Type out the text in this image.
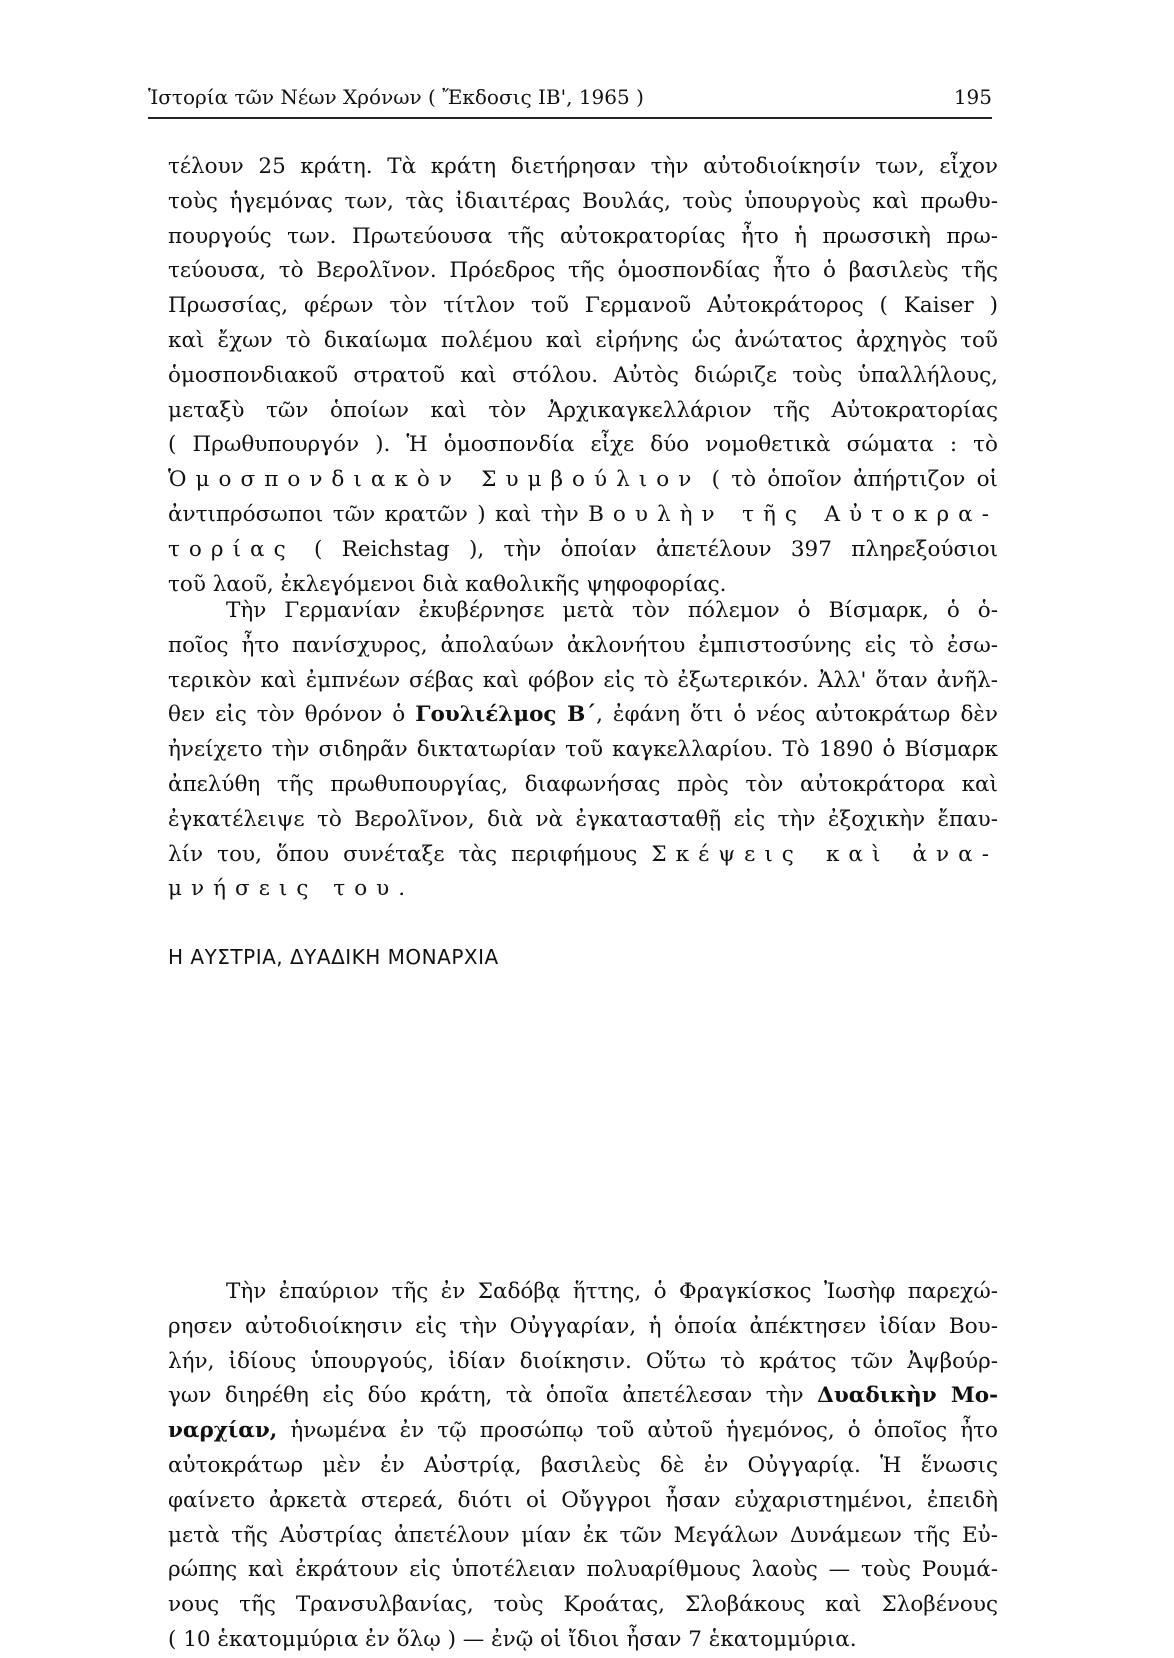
Ἱστορία τῶν Νέων Χρόνων ( Ἔκδοσις ΙΒ', 1965 )	195
τέλουν 25 κράτη. Τὰ κράτη διετήρησαν τὴν αὐτοδιοίκησίν των, εἶχον
τοὺς ἡγεμόνας των, τὰς ἰδιαιτέρας Βουλάς, τοὺς ὑπουργοὺς καὶ πρωθυ-
πουργούς των. Πρωτεύουσα τῆς αὐτοκρατορίας ἦτο ἡ πρωσσικὴ πρω-
τεύουσα, τὸ Βερολῖνον. Πρόεδρος τῆς ὁμοσπονδίας ἦτο ὁ βασιλεὺς τῆς
Πρωσσίας, φέρων τὸν τίτλον τοῦ Γερμανοῦ Αὐτοκράτορος ( Kaiser )
καὶ ἔχων τὸ δικαίωμα πολέμου καὶ εἰρήνης ὡς ἀνώτατος ἀρχηγὸς τοῦ
ὁμοσπονδιακοῦ στρατοῦ καὶ στόλου. Αὐτὸς διώριζε τοὺς ὑπαλλήλους,
μεταξὺ τῶν ὁποίων καὶ τὸν Ἀρχικαγκελλάριον τῆς Αὐτοκρατορίας
( Πρωθυπουργόν ). Ἡ ὁμοσπονδία εἶχε δύο νομοθετικὰ σώματα : τὸ
Ὁμοσπονδιακὸν Συμβούλιον ( τὸ ὁποῖον ἀπήρτιζον οἱ
ἀντιπρόσωποι τῶν κρατῶν ) καὶ τὴν Βουλὴν τῆς Αὐτοκρα-
τορίας ( Reichstag ), τὴν ὁποίαν ἀπετέλουν 397 πληρεξούσιοι
τοῦ λαοῦ, ἐκλεγόμενοι διὰ καθολικῆς ψηφοφορίας.
Τὴν Γερμανίαν ἐκυβέρνησε μετὰ τὸν πόλεμον ὁ Βίσμαρκ, ὁ ὁ-
ποῖος ἦτο πανίσχυρος, ἀπολαύων ἀκλονήτου ἐμπιστοσύνης εἰς τὸ ἐσω-
τερικὸν καὶ ἐμπνέων σέβας καὶ φόβον εἰς τὸ ἐξωτερικόν. Ἀλλ' ὅταν ἀνῆλ-
θεν εἰς τὸν θρόνον ὁ Γουλιέλμος Β΄, ἐφάνη ὅτι ὁ νέος αὐτοκράτωρ δὲν
ἠνείχετο τὴν σιδηρᾶν δικτατωρίαν τοῦ καγκελλαρίου. Τὸ 1890 ὁ Βίσμαρκ
ἀπελύθη τῆς πρωθυπουργίας, διαφωνήσας πρὸς τὸν αὐτοκράτορα καὶ
ἐγκατέλειψε τὸ Βερολῖνον, διὰ νὰ ἐγκατασταθῇ εἰς τὴν ἐξοχικὴν ἔπαυ-
λίν του, ὅπου συνέταξε τὰς περιφήμους Σκέψεις καὶ ἀνα-
μνήσεις του.
Η ΑΥΣΤΡΙΑ, ΔΥΑΔΙΚΗ ΜΟΝΑΡΧΙΑ
Τὴν ἐπαύριον τῆς ἐν Σαδόβᾳ ἥττης, ὁ Φραγκίσκος Ἰωσὴφ παρεχώ-
ρησεν αὐτοδιοίκησιν εἰς τὴν Οὐγγαρίαν, ἡ ὁποία ἀπέκτησεν ἰδίαν Βου-
λήν, ἰδίους ὑπουργούς, ἰδίαν διοίκησιν. Οὕτω τὸ κράτος τῶν Ἀψβούρ-
γων διηρέθη εἰς δύο κράτη, τὰ ὁποῖα ἀπετέλεσαν τὴν Δυαδικὴν Μο-
ναρχίαν, ἡνωμένα ἐν τῷ προσώπῳ τοῦ αὐτοῦ ἡγεμόνος, ὁ ὁποῖος ἦτο
αὐτοκράτωρ μὲν ἐν Αὐστρίᾳ, βασιλεὺς δὲ ἐν Οὐγγαρίᾳ. Ἡ ἕνωσις
φαίνετο ἀρκετὰ στερεά, διότι οἱ Οὔγγροι ἦσαν εὐχαριστημένοι, ἐπειδὴ
μετὰ τῆς Αὐστρίας ἀπετέλουν μίαν ἐκ τῶν Μεγάλων Δυνάμεων τῆς Εὐ-
ρώπης καὶ ἐκράτουν εἰς ὑποτέλειαν πολυαρίθμους λαοὺς — τοὺς Ρουμά-
νους τῆς Τρανσυλβανίας, τοὺς Κροάτας, Σλοβάκους καὶ Σλοβένους
( 10 ἑκατομμύρια ἐν ὅλῳ ) — ἐνῷ οἱ ἴδιοι ἦσαν 7 ἑκατομμύρια.
